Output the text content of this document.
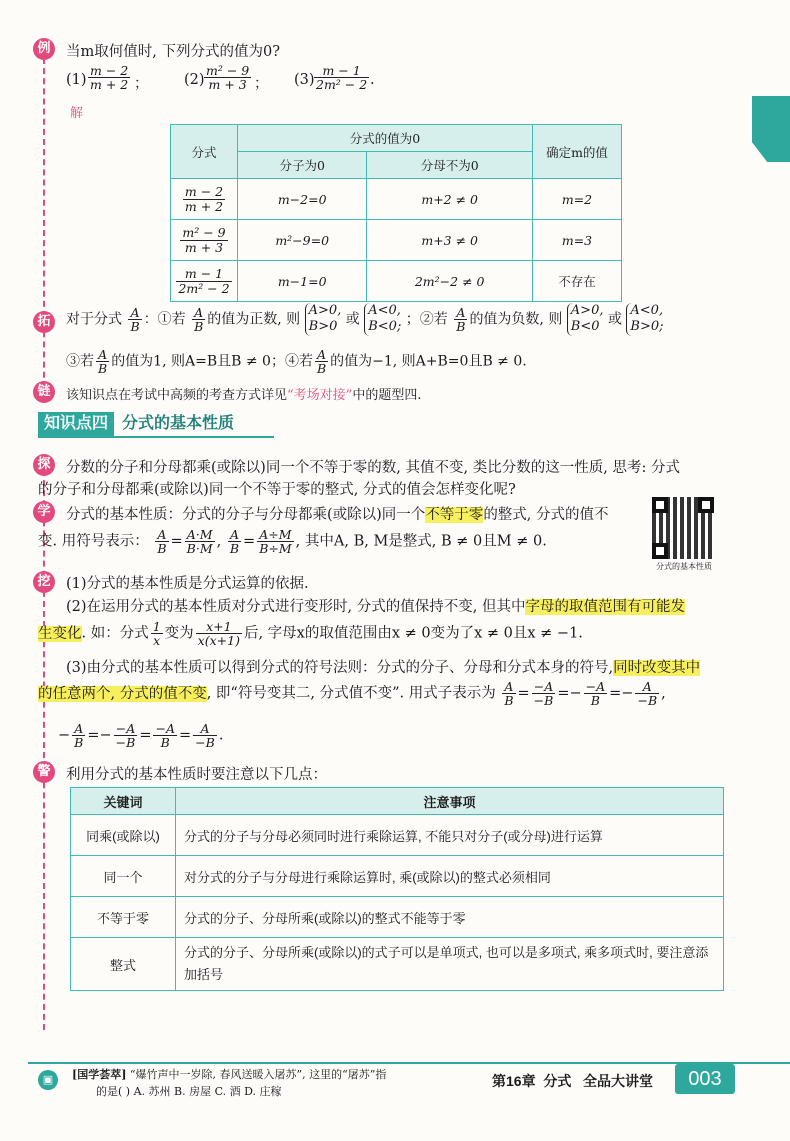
例	当m取何值时, 下列分式的值为0?
$(1) \frac{m - 2}{m + 2}$ ； $(2) \frac{\text{m² − 9}}{m + 3}$ ； $(3) \frac{m - 1}{\text{2m² − 2}}$ .
解
分式	分式的值为0		确定m的值
	分子为0	分母不为0	

$\frac{m - 2}{m + 2}$	m−2=0	m+2 ≠ 0	m=2

$\frac{\text{m² − 9}}{m + 3}$	m²−9=0	m+3 ≠ 0	m=3

$\frac{m - 1}{\text{2m² − 2}}$	m−1=0	2m²−2 ≠ 0	不存在
拓	对于分式 $\frac{A}{B}$ ：①若 $\frac{A}{B}$ 的值为正数, 则 A>0,
B>0 或 A<0,
B<0; ；②若 $\frac{A}{B}$ 的值为负数, 则 A>0,
B<0 或 A<0,
B>0;
③若 $\frac{A}{B}$ 的值为1, 则A=B且B ≠ 0；④若 $\frac{A}{B}$ 的值为−1, 则A+B=0且B ≠ 0.
链	该知识点在考试中高频的考查方式详见“考场对接”中的题型四.
知识点四 分式的基本性质
探	分数的分子和分母都乘(或除以)同一个不等于零的数, 其值不变, 类比分数的这一性质, 思考: 分式
的分子和分母都乘(或除以)同一个不等于零的整式, 分式的值会怎样变化呢?
学	分式的基本性质：分式的分子与分母都乘(或除以)同一个不等于零的整式, 分式的值不
变. 用符号表示： $\frac{A}{B} = \frac{A\cdot M}{B\cdot M}$ , $\frac{A}{B} = \frac{A\div M}{B\div M}$ , 其中A, B, M是整式, B ≠ 0且M ≠ 0.
分式的基本性质
挖	(1)分式的基本性质是分式运算的依据.
(2)在运用分式的基本性质对分式进行变形时, 分式的值保持不变, 但其中字母的取值范围有可能发
生变化. 如：分式 $\frac{1}{x}$ 变为 $\frac{x+1}{x(x+1)}$ 后, 字母x的取值范围由x ≠ 0变为了x ≠ 0且x ≠ −1.
(3)由分式的基本性质可以得到分式的符号法则：分式的分子、分母和分式本身的符号,同时改变其中
的任意两个, 分式的值不变, 即“符号变其二, 分式值不变”. 用式子表示为 $\frac{A}{B} = \frac{-A}{-B} =- \frac{-A}{B} =- \frac{A}{-B}$ ,
− $\frac{A}{B} =- \frac{-A}{-B} = \frac{-A}{B} = \frac{A}{-B}$ .
警	利用分式的基本性质时要注意以下几点：
关键词	注意事项
同乘(或除以)	分式的分子与分母必须同时进行乘除运算, 不能只对分子(或分母)进行运算
同一个	对分式的分子与分母进行乘除运算时, 乘(或除以)的整式必须相同
不等于零	分式的分子、分母所乘(或除以)的整式不能等于零
整式	分式的分子、分母所乘(或除以)的式子可以是单项式, 也可以是多项式, 乘多项式时, 要注意添加括号
▣	[国学荟萃] “爆竹声中一岁除, 春风送暖入屠苏”, 这里的“屠苏”指
的是( ) A. 苏州 B. 房屋 C. 酒 D. 庄稼
第16章 分式 全品大讲堂	003
